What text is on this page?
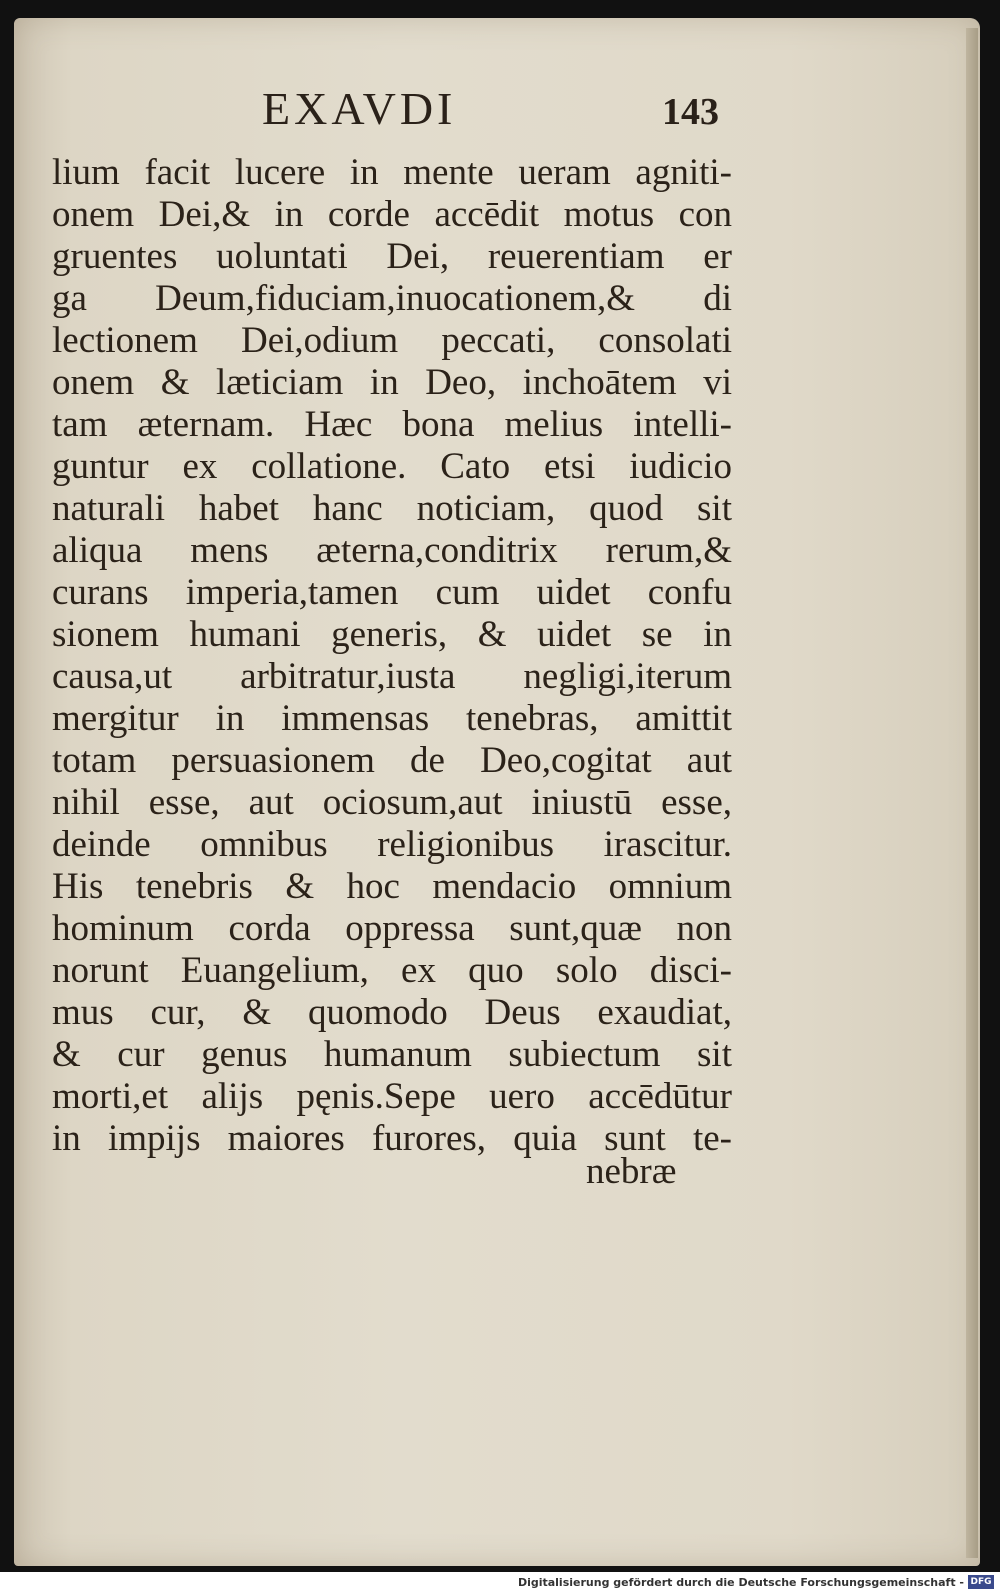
EXAVDI	143
lium facit lucere in mente ueram agniti-
onem Dei,& in corde accēdit motus con
gruentes uoluntati Dei, reuerentiam er
ga Deum,fiduciam,inuocationem,& di
lectionem Dei,odium peccati, consolati
onem & læticiam in Deo, inchoātem vi
tam æternam. Hæc bona melius intelli-
guntur ex collatione. Cato etsi iudicio
naturali habet hanc noticiam, quod sit
aliqua mens æterna,conditrix rerum,&
curans imperia,tamen cum uidet confu
sionem humani generis, & uidet se in
causa,ut arbitratur,iusta negligi,iterum
mergitur in immensas tenebras, amittit
totam persuasionem de Deo,cogitat aut
nihil esse, aut ociosum,aut iniustū esse,
deinde omnibus religionibus irascitur.
His tenebris & hoc mendacio omnium
hominum corda oppressa sunt,quæ non
norunt Euangelium, ex quo solo disci-
mus cur, & quomodo Deus exaudiat,
& cur genus humanum subiectum sit
morti,et alijs pęnis.Sepe uero accēdūtur
in impijs maiores furores, quia sunt te-
nebræ
Digitalisierung gefördert durch die Deutsche Forschungsgemeinschaft - DFG
